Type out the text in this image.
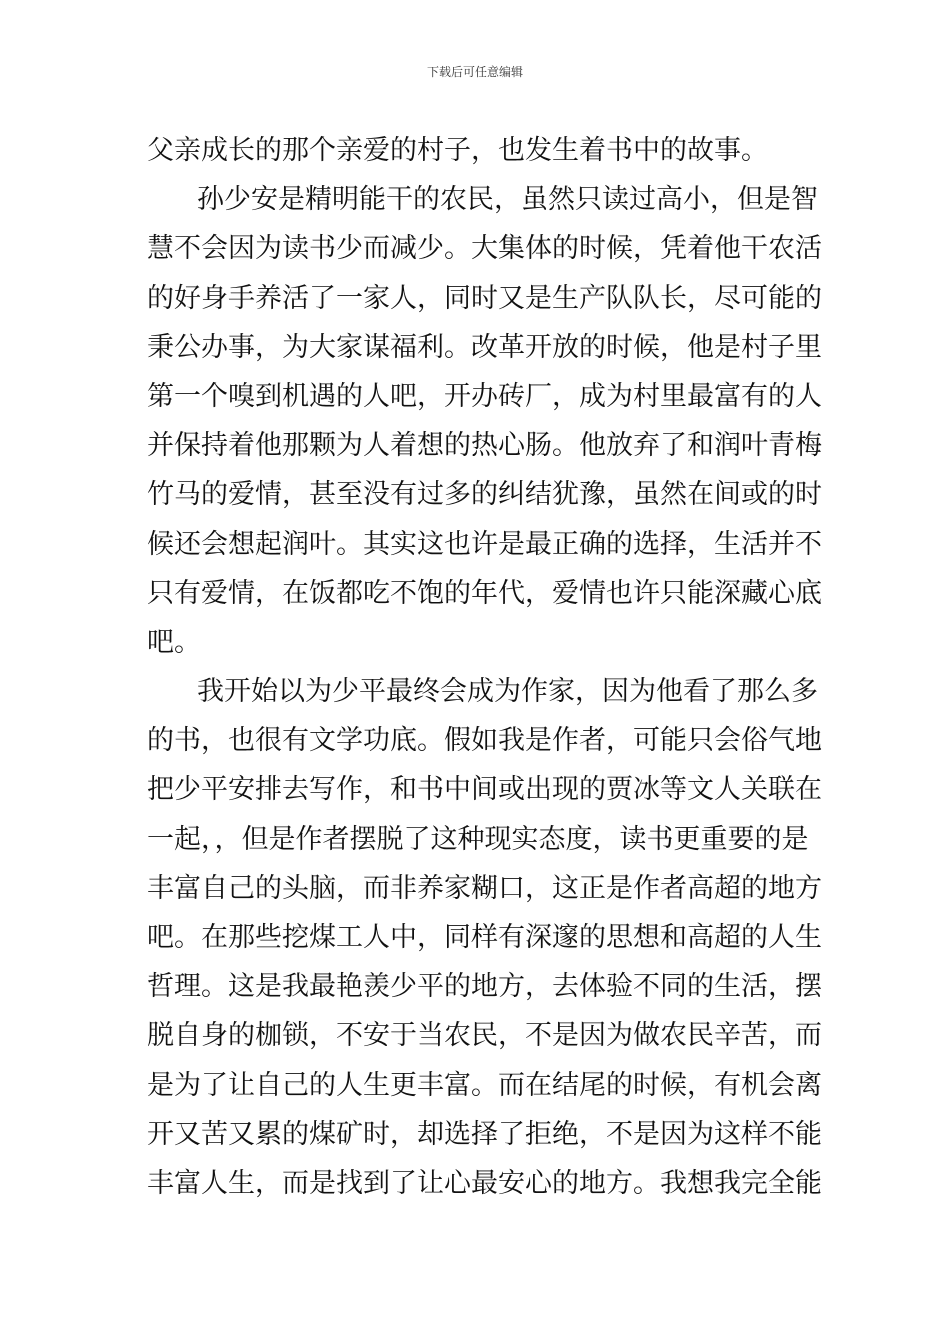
下载后可任意编辑
父亲成长的那个亲爱的村子，也发生着书中的故事。
孙少安是精明能干的农民，虽然只读过高小，但是智
慧不会因为读书少而减少。大集体的时候，凭着他干农活
的好身手养活了一家人，同时又是生产队队长，尽可能的
秉公办事，为大家谋福利。改革开放的时候，他是村子里
第一个嗅到机遇的人吧，开办砖厂，成为村里最富有的人
并保持着他那颗为人着想的热心肠。他放弃了和润叶青梅
竹马的爱情，甚至没有过多的纠结犹豫，虽然在间或的时
候还会想起润叶。其实这也许是最正确的选择，生活并不
只有爱情，在饭都吃不饱的年代，爱情也许只能深藏心底
吧。
我开始以为少平最终会成为作家，因为他看了那么多
的书，也很有文学功底。假如我是作者，可能只会俗气地
把少平安排去写作，和书中间或出现的贾冰等文人关联在
一起，，但是作者摆脱了这种现实态度，读书更重要的是
丰富自己的头脑，而非养家糊口，这正是作者高超的地方
吧。在那些挖煤工人中，同样有深邃的思想和高超的人生
哲理。这是我最艳羡少平的地方，去体验不同的生活，摆
脱自身的枷锁，不安于当农民，不是因为做农民辛苦，而
是为了让自己的人生更丰富。而在结尾的时候，有机会离
开又苦又累的煤矿时，却选择了拒绝，不是因为这样不能
丰富人生，而是找到了让心最安心的地方。我想我完全能
